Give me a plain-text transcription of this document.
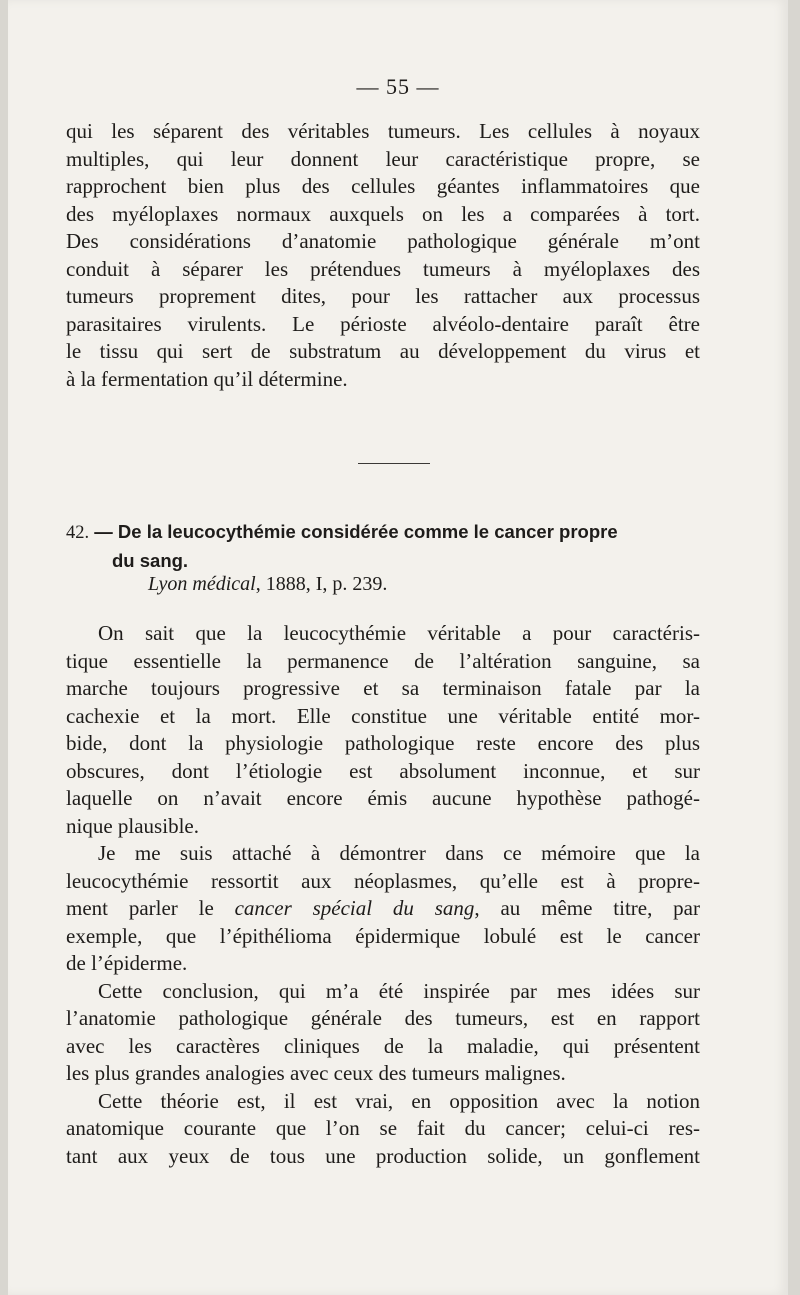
— 55 —
qui les séparent des véritables tumeurs. Les cellules à noyaux
multiples, qui leur donnent leur caractéristique propre, se
rapprochent bien plus des cellules géantes inflammatoires que
des myéloplaxes normaux auxquels on les a comparées à tort.
Des considérations d’anatomie pathologique générale m’ont
conduit à séparer les prétendues tumeurs à myéloplaxes des
tumeurs proprement dites, pour les rattacher aux processus
parasitaires virulents. Le périoste alvéolo-dentaire paraît être
le tissu qui sert de substratum au développement du virus et
à la fermentation qu’il détermine.
42. — De la leucocythémie considérée comme le cancer propre
du sang.
Lyon médical, 1888, I, p. 239.
On sait que la leucocythémie véritable a pour caractéris-
tique essentielle la permanence de l’altération sanguine, sa
marche toujours progressive et sa terminaison fatale par la
cachexie et la mort. Elle constitue une véritable entité mor-
bide, dont la physiologie pathologique reste encore des plus
obscures, dont l’étiologie est absolument inconnue, et sur
laquelle on n’avait encore émis aucune hypothèse pathogé-
nique plausible.
Je me suis attaché à démontrer dans ce mémoire que la
leucocythémie ressortit aux néoplasmes, qu’elle est à propre-
ment parler le cancer spécial du sang, au même titre, par
exemple, que l’épithélioma épidermique lobulé est le cancer
de l’épiderme.
Cette conclusion, qui m’a été inspirée par mes idées sur
l’anatomie pathologique générale des tumeurs, est en rapport
avec les caractères cliniques de la maladie, qui présentent
les plus grandes analogies avec ceux des tumeurs malignes.
Cette théorie est, il est vrai, en opposition avec la notion
anatomique courante que l’on se fait du cancer; celui-ci res-
tant aux yeux de tous une production solide, un gonflement
